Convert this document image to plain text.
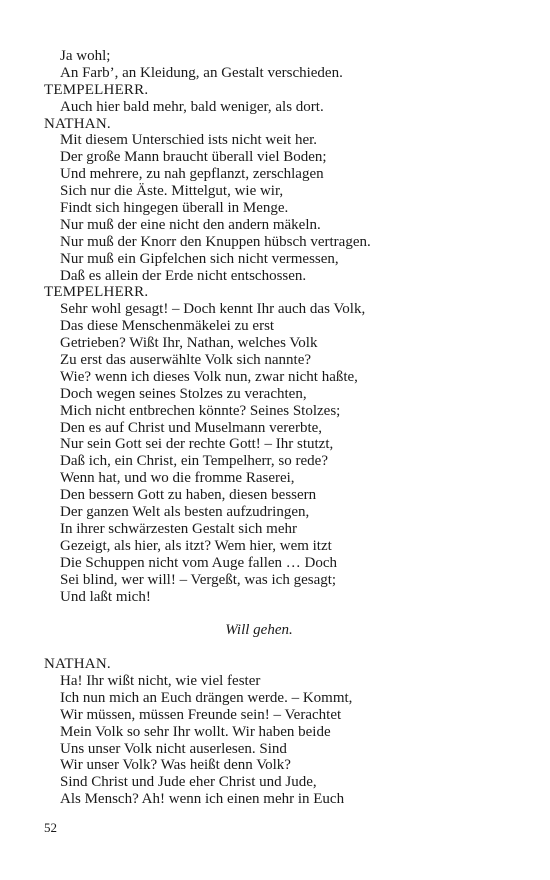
Ja wohl;
An Farb’, an Kleidung, an Gestalt verschieden.
TEMPELHERR.
Auch hier bald mehr, bald weniger, als dort.
NATHAN.
Mit diesem Unterschied ists nicht weit her.
Der große Mann braucht überall viel Boden;
Und mehrere, zu nah gepflanzt, zerschlagen
Sich nur die Äste. Mittelgut, wie wir,
Findt sich hingegen überall in Menge.
Nur muß der eine nicht den andern mäkeln.
Nur muß der Knorr den Knuppen hübsch vertragen.
Nur muß ein Gipfelchen sich nicht vermessen,
Daß es allein der Erde nicht entschossen.
TEMPELHERR.
Sehr wohl gesagt! – Doch kennt Ihr auch das Volk,
Das diese Menschenmäkelei zu erst
Getrieben? Wißt Ihr, Nathan, welches Volk
Zu erst das auserwählte Volk sich nannte?
Wie? wenn ich dieses Volk nun, zwar nicht haßte,
Doch wegen seines Stolzes zu verachten,
Mich nicht entbrechen könnte? Seines Stolzes;
Den es auf Christ und Muselmann vererbte,
Nur sein Gott sei der rechte Gott! – Ihr stutzt,
Daß ich, ein Christ, ein Tempelherr, so rede?
Wenn hat, und wo die fromme Raserei,
Den bessern Gott zu haben, diesen bessern
Der ganzen Welt als besten aufzudringen,
In ihrer schwärzesten Gestalt sich mehr
Gezeigt, als hier, als itzt? Wem hier, wem itzt
Die Schuppen nicht vom Auge fallen … Doch
Sei blind, wer will! – Vergeßt, was ich gesagt;
Und laßt mich!
Will gehen.
NATHAN.
Ha! Ihr wißt nicht, wie viel fester
Ich nun mich an Euch drängen werde. – Kommt,
Wir müssen, müssen Freunde sein! – Verachtet
Mein Volk so sehr Ihr wollt. Wir haben beide
Uns unser Volk nicht auserlesen. Sind
Wir unser Volk? Was heißt denn Volk?
Sind Christ und Jude eher Christ und Jude,
Als Mensch? Ah! wenn ich einen mehr in Euch
52
